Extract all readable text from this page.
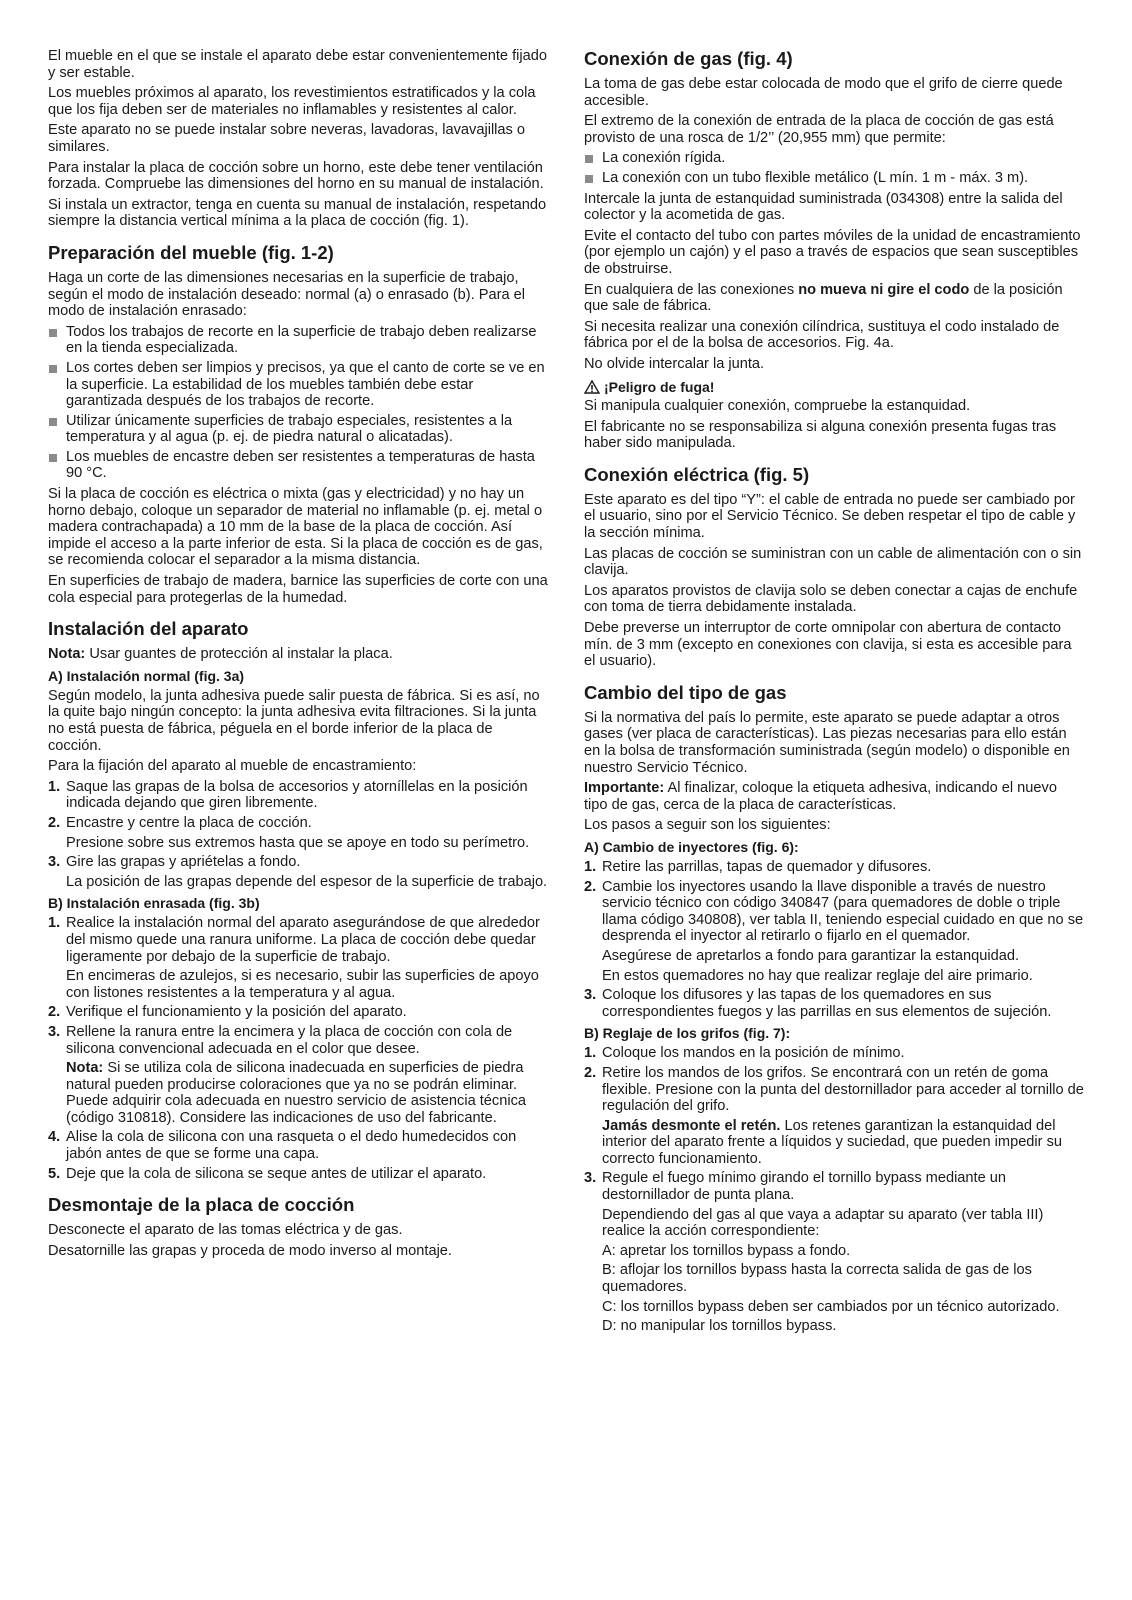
El mueble en el que se instale el aparato debe estar convenientemente fijado y ser estable.

Los muebles próximos al aparato, los revestimientos estratificados y la cola que los fija deben ser de materiales no inflamables y resistentes al calor.

Este aparato no se puede instalar sobre neveras, lavadoras, lavavajillas o similares.

Para instalar la placa de cocción sobre un horno, este debe tener ventilación forzada. Compruebe las dimensiones del horno en su manual de instalación.

Si instala un extractor, tenga en cuenta su manual de instalación, respetando siempre la distancia vertical mínima a la placa de cocción (fig. 1).

Preparación del mueble (fig. 1-2)

Haga un corte de las dimensiones necesarias en la superficie de trabajo, según el modo de instalación deseado: normal (a) o enrasado (b). Para el modo de instalación enrasado:

Todos los trabajos de recorte en la superficie de trabajo deben realizarse en la tienda especializada.
Los cortes deben ser limpios y precisos, ya que el canto de corte se ve en la superficie. La estabilidad de los muebles también debe estar garantizada después de los trabajos de recorte.
Utilizar únicamente superficies de trabajo especiales, resistentes a la temperatura y al agua (p. ej. de piedra natural o alicatadas).
Los muebles de encastre deben ser resistentes a temperaturas de hasta 90 °C.

Si la placa de cocción es eléctrica o mixta (gas y electricidad) y no hay un horno debajo, coloque un separador de material no inflamable (p. ej. metal o madera contrachapada) a 10 mm de la base de la placa de cocción. Así impide el acceso a la parte inferior de esta. Si la placa de cocción es de gas, se recomienda colocar el separador a la misma distancia.

En superficies de trabajo de madera, barnice las superficies de corte con una cola especial para protegerlas de la humedad.

Instalación del aparato

Nota: Usar guantes de protección al instalar la placa.

A) Instalación normal (fig. 3a)

Según modelo, la junta adhesiva puede salir puesta de fábrica. Si es así, no la quite bajo ningún concepto: la junta adhesiva evita filtraciones. Si la junta no está puesta de fábrica, péguela en el borde inferior de la placa de cocción.

Para la fijación del aparato al mueble de encastramiento:

1. Saque las grapas de la bolsa de accesorios y atorníllelas en la posición indicada dejando que giren libremente.
2. Encastre y centre la placa de cocción.
Presione sobre sus extremos hasta que se apoye en todo su perímetro.
3. Gire las grapas y apriételas a fondo.
La posición de las grapas depende del espesor de la superficie de trabajo.
B) Instalación enrasada (fig. 3b)
1. Realice la instalación normal del aparato asegurándose de que alrededor del mismo quede una ranura uniforme. La placa de cocción debe quedar ligeramente por debajo de la superficie de trabajo.
En encimeras de azulejos, si es necesario, subir las superficies de apoyo con listones resistentes a la temperatura y al agua.
2. Verifique el funcionamiento y la posición del aparato.
3. Rellene la ranura entre la encimera y la placa de cocción con cola de silicona convencional adecuada en el color que desee.
Nota: Si se utiliza cola de silicona inadecuada en superficies de piedra natural pueden producirse coloraciones que ya no se podrán eliminar. Puede adquirir cola adecuada en nuestro servicio de asistencia técnica (código 310818). Considere las indicaciones de uso del fabricante.
4. Alise la cola de silicona con una rasqueta o el dedo humedecidos con jabón antes de que se forme una capa.
5. Deje que la cola de silicona se seque antes de utilizar el aparato.
Desmontaje de la placa de cocción

Desconecte el aparato de las tomas eléctrica y de gas.

Desatornille las grapas y proceda de modo inverso al montaje.

Conexión de gas (fig. 4)

La toma de gas debe estar colocada de modo que el grifo de cierre quede accesible.

El extremo de la conexión de entrada de la placa de cocción de gas está provisto de una rosca de 1/2’’ (20,955 mm) que permite:

La conexión rígida.
La conexión con un tubo flexible metálico (L mín. 1 m - máx. 3 m).

Intercale la junta de estanquidad suministrada (034308) entre la salida del colector y la acometida de gas.

Evite el contacto del tubo con partes móviles de la unidad de encastramiento (por ejemplo un cajón) y el paso a través de espacios que sean susceptibles de obstruirse.

En cualquiera de las conexiones no mueva ni gire el codo de la posición que sale de fábrica.

Si necesita realizar una conexión cilíndrica, sustituya el codo instalado de fábrica por el de la bolsa de accesorios. Fig. 4a.

No olvide intercalar la junta.

¡Peligro de fuga!

Si manipula cualquier conexión, compruebe la estanquidad.

El fabricante no se responsabiliza si alguna conexión presenta fugas tras haber sido manipulada.

Conexión eléctrica (fig. 5)

Este aparato es del tipo “Y”: el cable de entrada no puede ser cambiado por el usuario, sino por el Servicio Técnico. Se deben respetar el tipo de cable y la sección mínima.

Las placas de cocción se suministran con un cable de alimentación con o sin clavija.

Los aparatos provistos de clavija solo se deben conectar a cajas de enchufe con toma de tierra debidamente instalada.

Debe preverse un interruptor de corte omnipolar con abertura de contacto mín. de 3 mm (excepto en conexiones con clavija, si esta es accesible para el usuario).

Cambio del tipo de gas

Si la normativa del país lo permite, este aparato se puede adaptar a otros gases (ver placa de características). Las piezas necesarias para ello están en la bolsa de transformación suministrada (según modelo) o disponible en nuestro Servicio Técnico.

Importante: Al finalizar, coloque la etiqueta adhesiva, indicando el nuevo tipo de gas, cerca de la placa de características.

Los pasos a seguir son los siguientes:

A) Cambio de inyectores (fig. 6):
1. Retire las parrillas, tapas de quemador y difusores.
2. Cambie los inyectores usando la llave disponible a través de nuestro servicio técnico con código 340847 (para quemadores de doble o triple llama código 340808), ver tabla II, teniendo especial cuidado en que no se desprenda el inyector al retirarlo o fijarlo en el quemador.
Asegúrese de apretarlos a fondo para garantizar la estanquidad.
En estos quemadores no hay que realizar reglaje del aire primario.
3. Coloque los difusores y las tapas de los quemadores en sus correspondientes fuegos y las parrillas en sus elementos de sujeción.
B) Reglaje de los grifos (fig. 7):
1. Coloque los mandos en la posición de mínimo.
2. Retire los mandos de los grifos. Se encontrará con un retén de goma flexible. Presione con la punta del destornillador para acceder al tornillo de regulación del grifo.
Jamás desmonte el retén. Los retenes garantizan la estanquidad del interior del aparato frente a líquidos y suciedad, que pueden impedir su correcto funcionamiento.
3. Regule el fuego mínimo girando el tornillo bypass mediante un destornillador de punta plana.
Dependiendo del gas al que vaya a adaptar su aparato (ver tabla III) realice la acción correspondiente:
A: apretar los tornillos bypass a fondo.
B: aflojar los tornillos bypass hasta la correcta salida de gas de los quemadores.
C: los tornillos bypass deben ser cambiados por un técnico autorizado.
D: no manipular los tornillos bypass.
